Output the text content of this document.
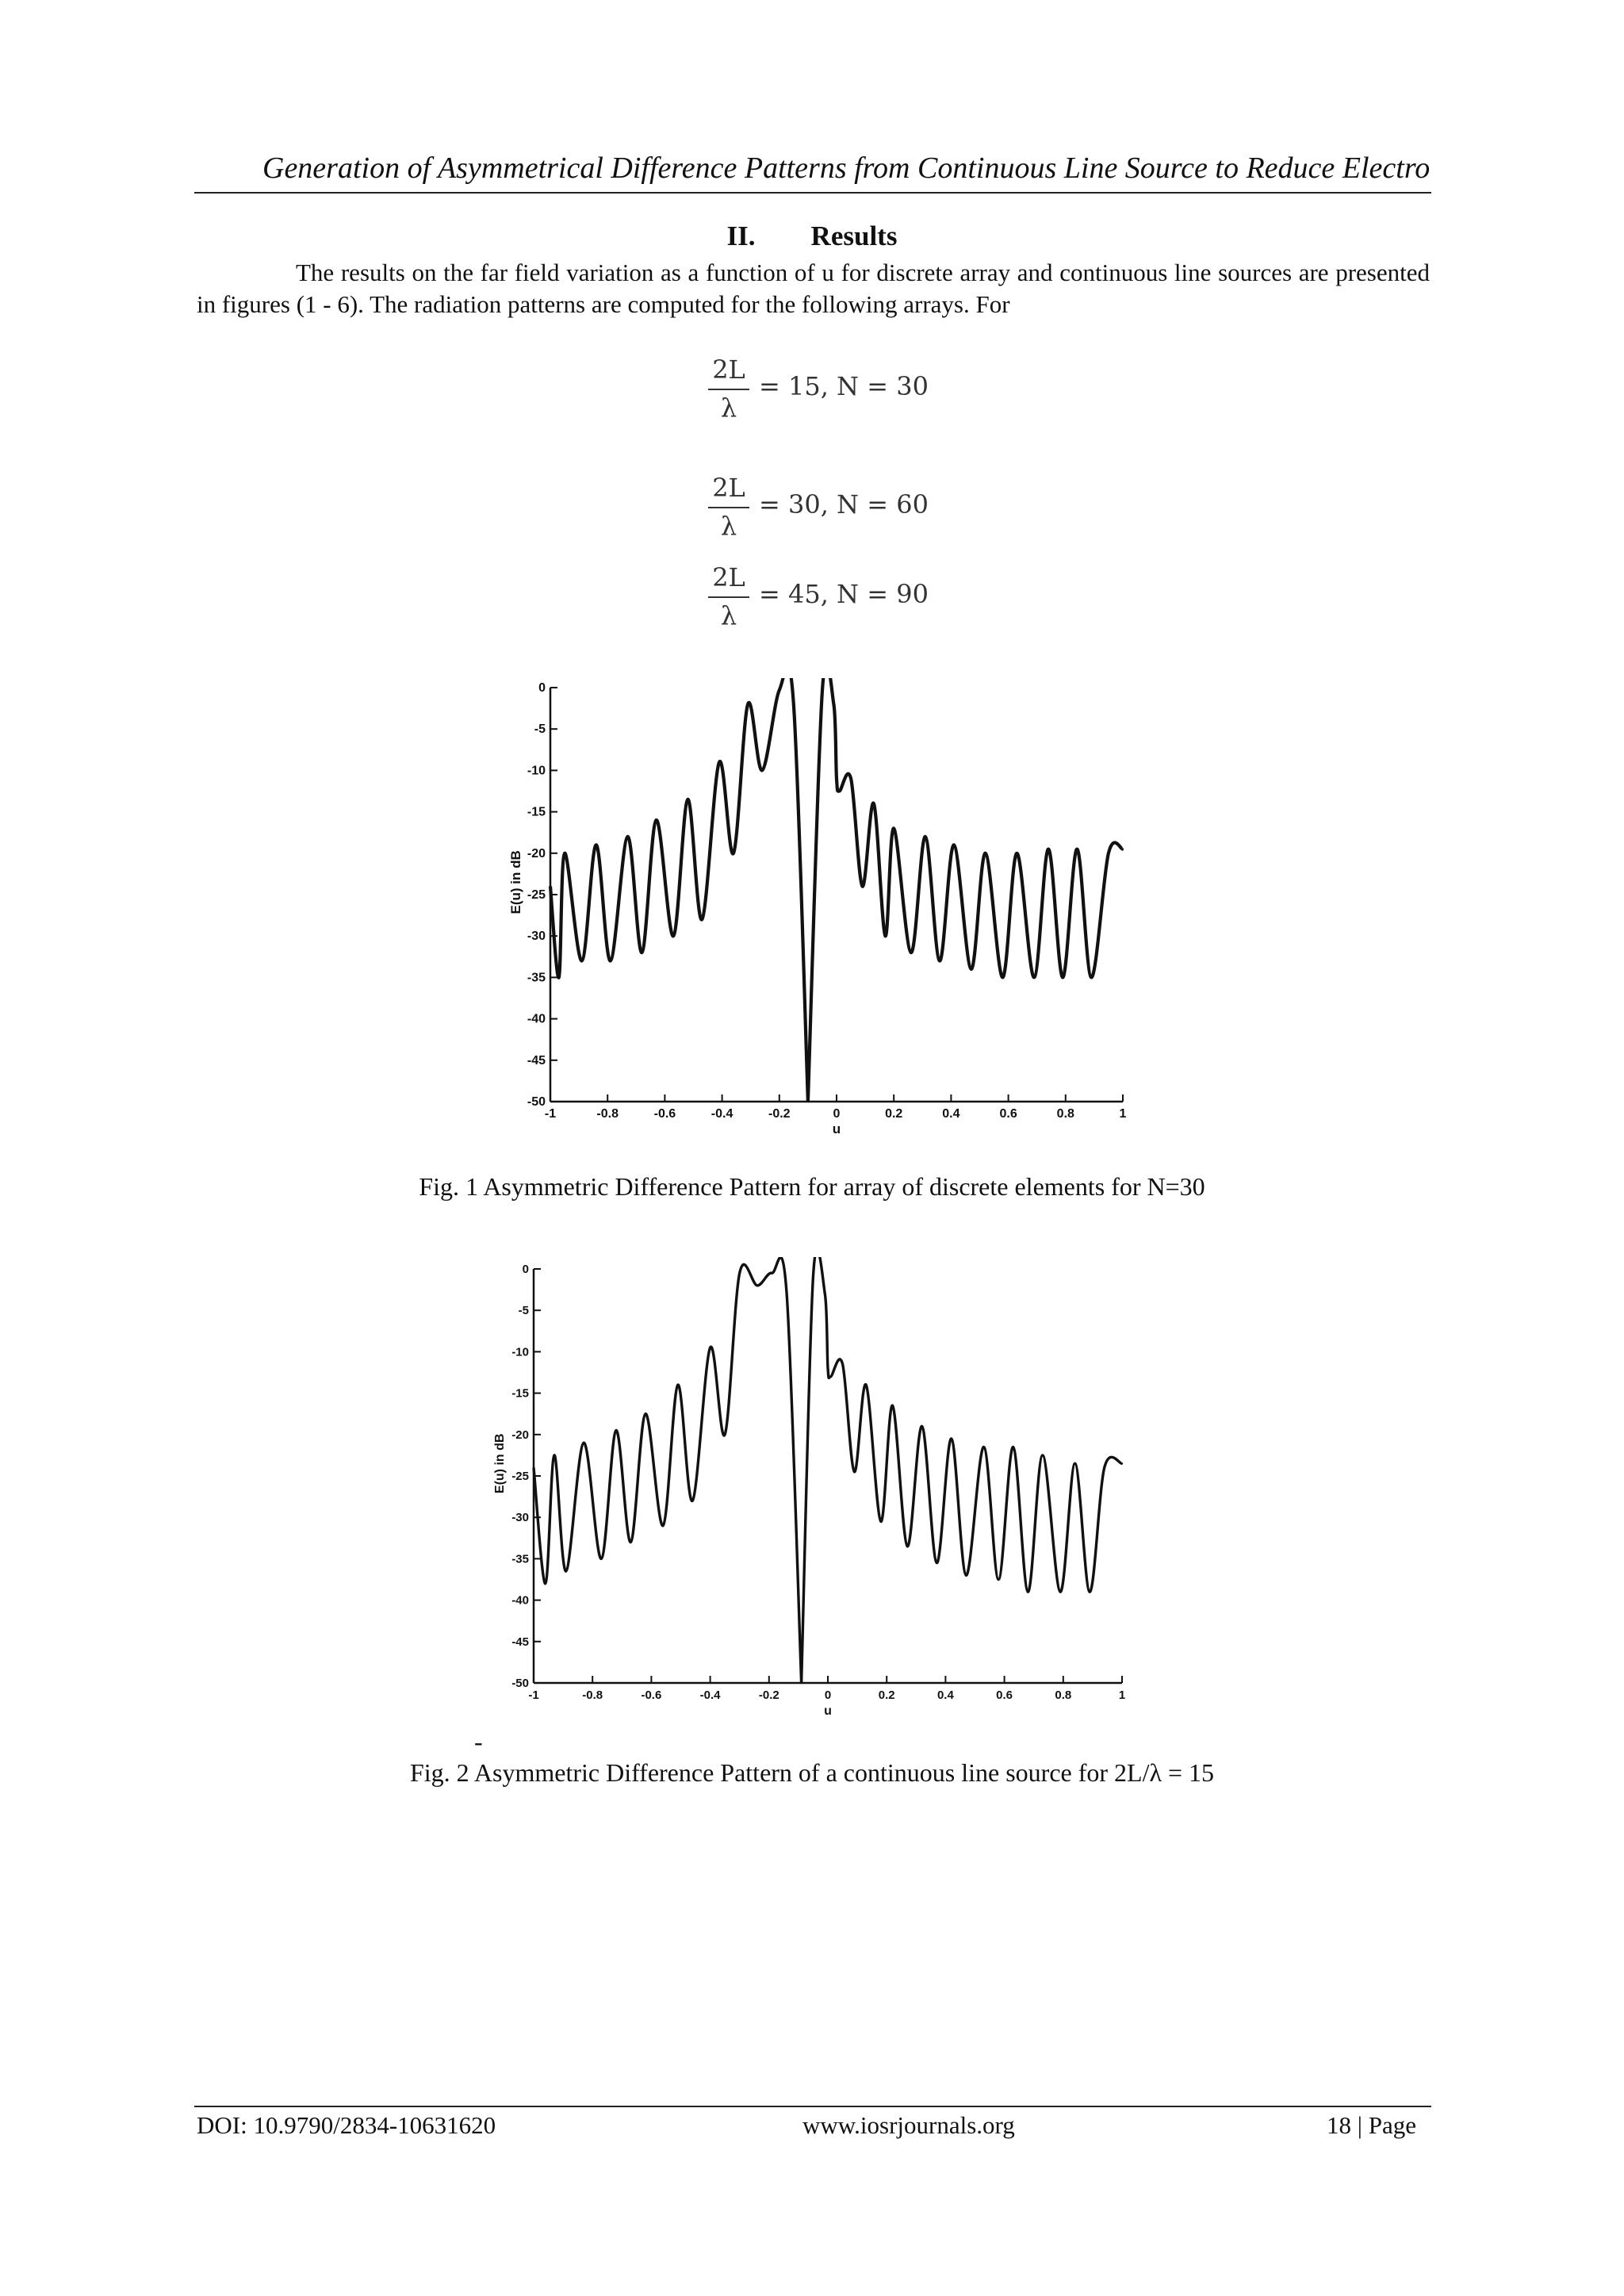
Generation of Asymmetrical Difference Patterns from Continuous Line Source to Reduce Electro
II. Results
The results on the far field variation as a function of u for discrete array and continuous line sources are presented in figures (1 - 6). The radiation patterns are computed for the following arrays. For
2L
λ
= 15, N = 30
2L
λ
= 30, N = 60
2L
λ
= 45, N = 90
0
-5
-10
-15
-20
-25
-30
-35
-40
-45
-50
-1	-0.8	-0.6	-0.4	-0.2	0	0.2	0.4	0.6	0.8	1
u
E(u) in dB
Fig. 1 Asymmetric Difference Pattern for array of discrete elements for N=30
0
-5
-10
-15
-20
-25
-30
-35
-40
-45
-50
-1	-0.8	-0.6	-0.4	-0.2	0	0.2	0.4	0.6	0.8	1
u
E(u) in dB
-
Fig. 2 Asymmetric Difference Pattern of a continuous line source for 2L/λ = 15
DOI: 10.9790/2834-10631620	www.iosrjournals.org	18 | Page
